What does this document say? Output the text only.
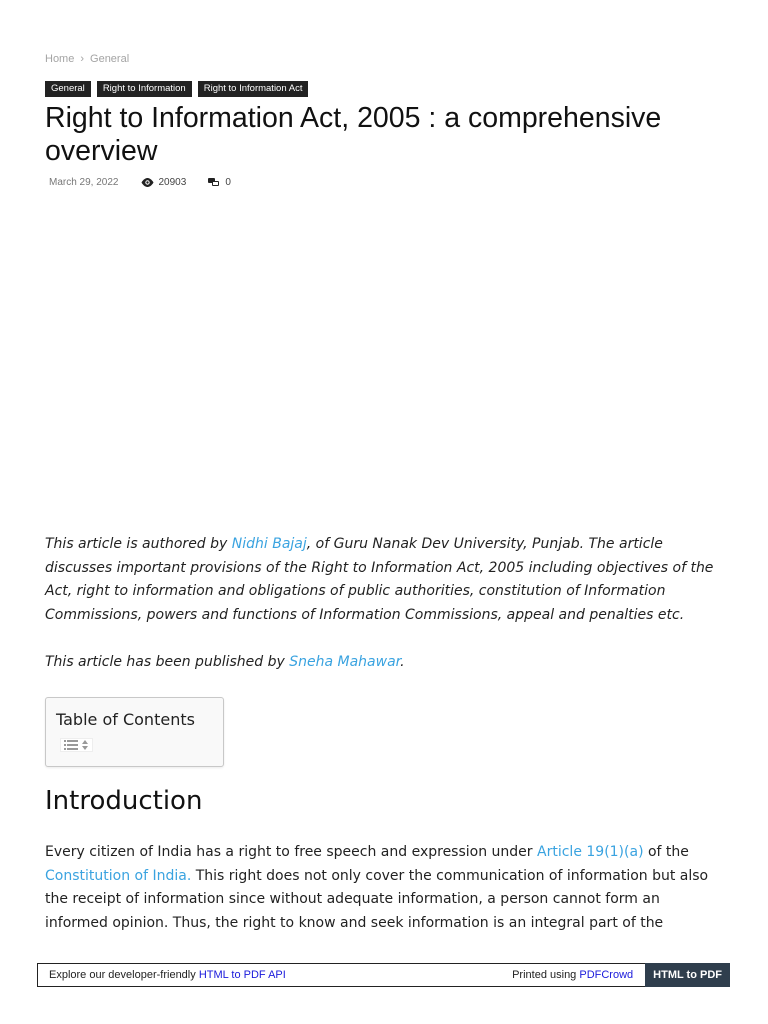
Home › General
General	Right to Information	Right to Information Act
Right to Information Act, 2005 : a comprehensive overview
March 29, 2022	20903	0

This article is authored by Nidhi Bajaj, of Guru Nanak Dev University, Punjab. The article discusses important provisions of the Right to Information Act, 2005 including objectives of the Act, right to information and obligations of public authorities, constitution of Information Commissions, powers and functions of Information Commissions, appeal and penalties etc.

This article has been published by Sneha Mahawar.

Table of Contents
Introduction

Every citizen of India has a right to free speech and expression under Article 19(1)(a) of the Constitution of India. This right does not only cover the communication of information but also the receipt of information since without adequate information, a person cannot form an informed opinion. Thus, the right to know and seek information is an integral part of the

Explore our developer-friendly HTML to PDF API	Printed using PDFCrowd	HTML to PDF
